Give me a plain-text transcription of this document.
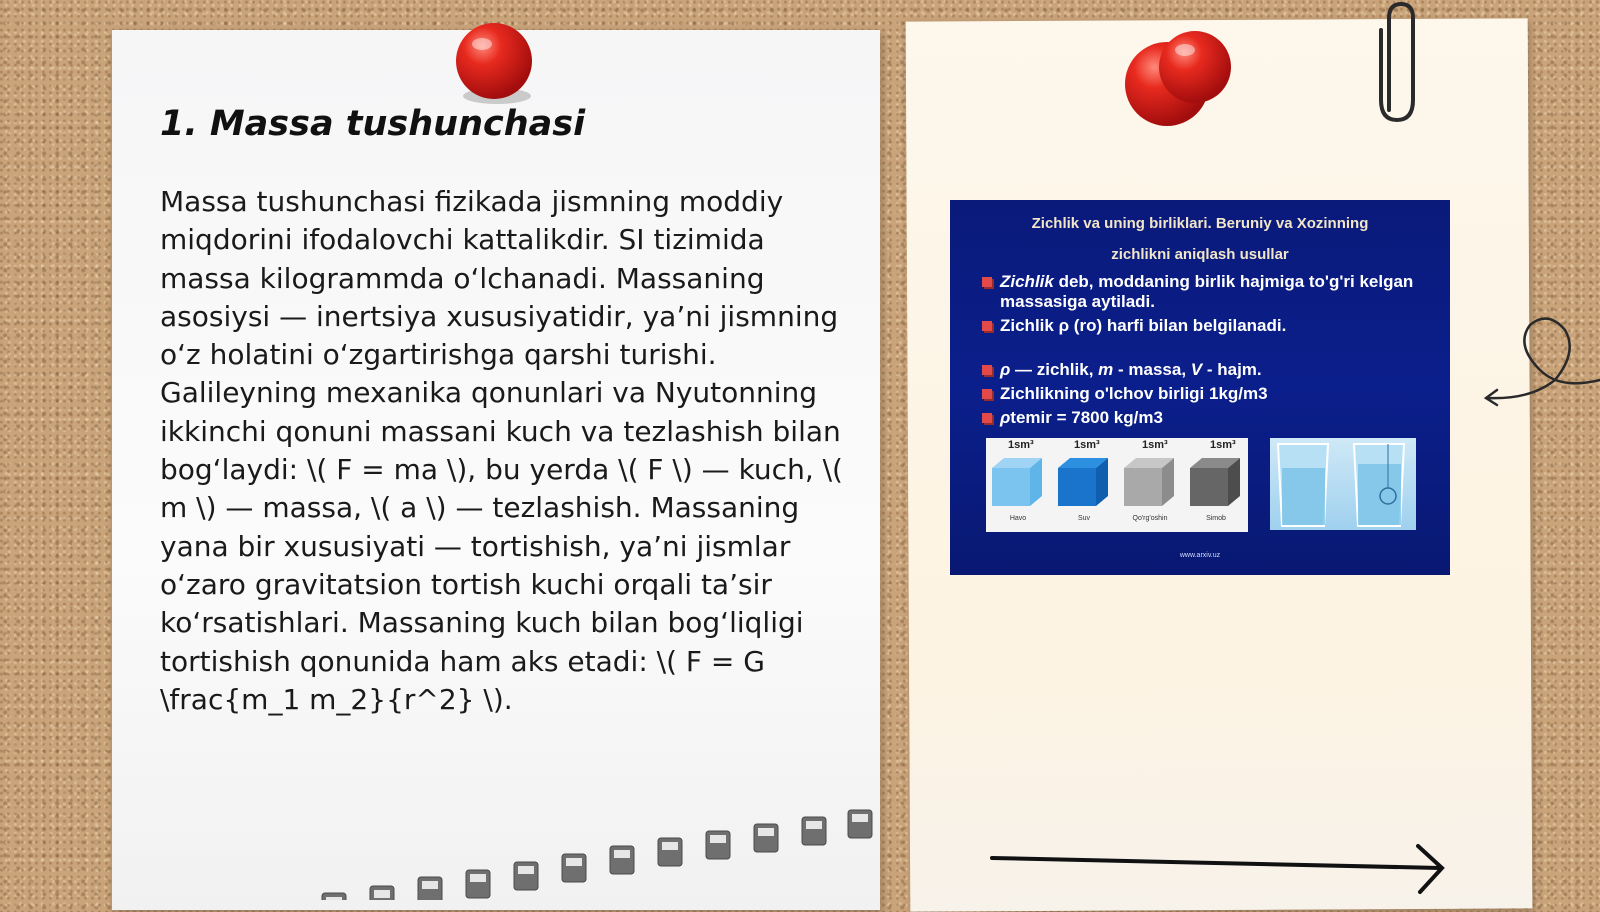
1. Massa tushunchasi

Massa tushunchasi fizikada jismning moddiy miqdorini ifodalovchi kattalikdir. SI tizimida massa kilogrammda o‘lchanadi. Massaning asosiysi — inertsiya xususiyatidir, ya’ni jismning o‘z holatini o‘zgartirishga qarshi turishi. Galileyning mexanika qonunlari va Nyutonning ikkinchi qonuni massani kuch va tezlashish bilan bog‘laydi: \( F = ma \), bu yerda \( F \) — kuch, \( m \) — massa, \( a \) — tezlashish. Massaning yana bir xususiyati — tortishish, ya’ni jismlar o‘zaro gravitatsion tortish kuchi orqali ta’sir ko‘rsatishlari. Massaning kuch bilan bog‘liqligi tortishish qonunida ham aks etadi: \( F = G \frac{m_1 m_2}{r^2} \).

Zichlik va uning birliklari. Beruniy va Xozinning
zichlikni aniqlash usullar
Zichlik deb, moddaning birlik hajmiga to'g'ri kelgan massasiga aytiladi.
Zichlik ρ (ro) harfi bilan belgilanadi.
ρ — zichlik, m - massa, V - hajm.
Zichlikning o'lchov birligi 1kg/m3
ρtemir = 7800 kg/m3
1sm³	1sm³	1sm³	1sm³
Havo	Suv	Qo'rg'oshin	Simob
www.arxiv.uz
